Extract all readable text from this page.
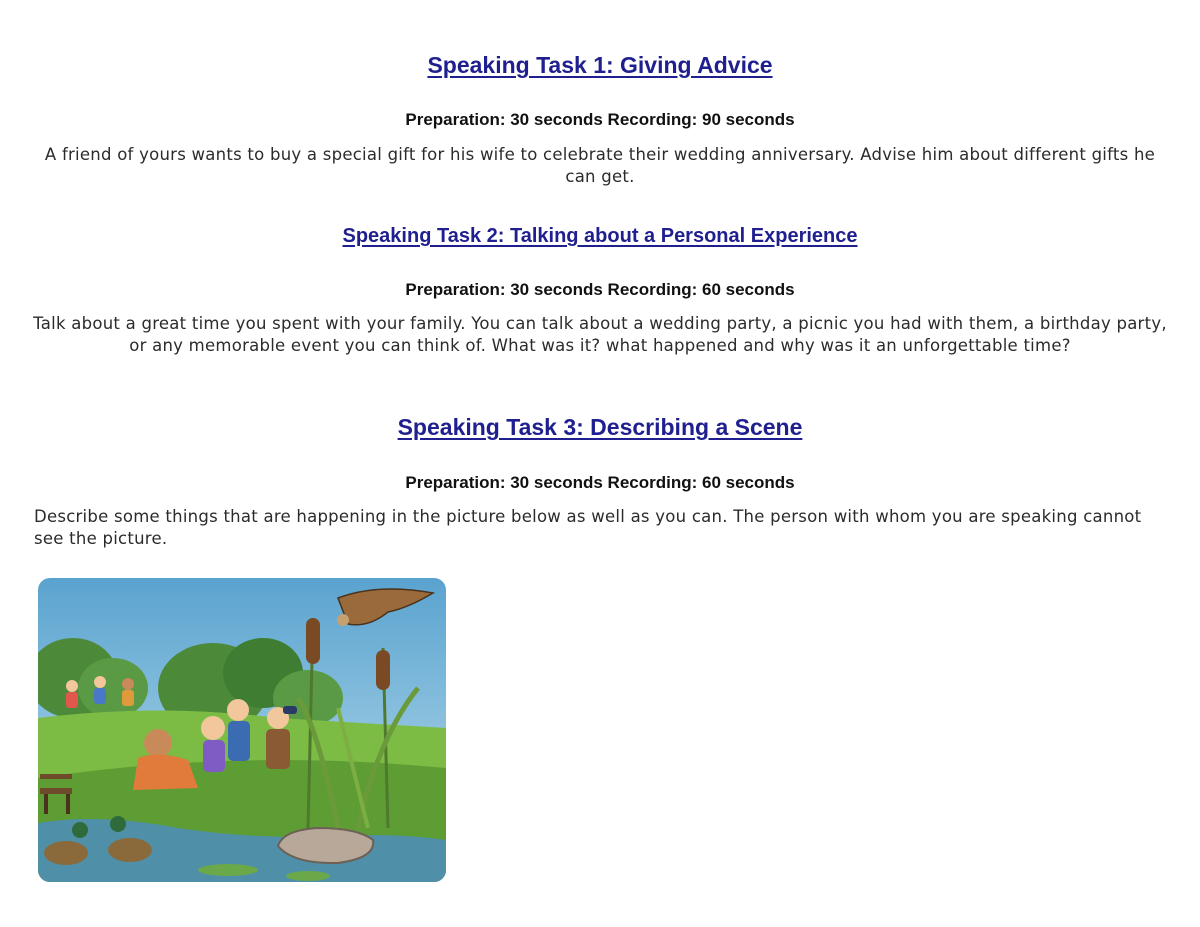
Speaking Task 1: Giving Advice

Preparation: 30 seconds Recording: 90 seconds

A friend of yours wants to buy a special gift for his wife to celebrate their wedding anniversary. Advise him about different gifts he can get.

Speaking Task 2: Talking about a Personal Experience

Preparation: 30 seconds Recording: 60 seconds

Talk about a great time you spent with your family. You can talk about a wedding party, a picnic you had with them, a birthday party, or any memorable event you can think of. What was it? what happened and why was it an unforgettable time?

Speaking Task 3: Describing a Scene

Preparation: 30 seconds Recording: 60 seconds

Describe some things that are happening in the picture below as well as you can. The person with whom you are speaking cannot see the picture.
